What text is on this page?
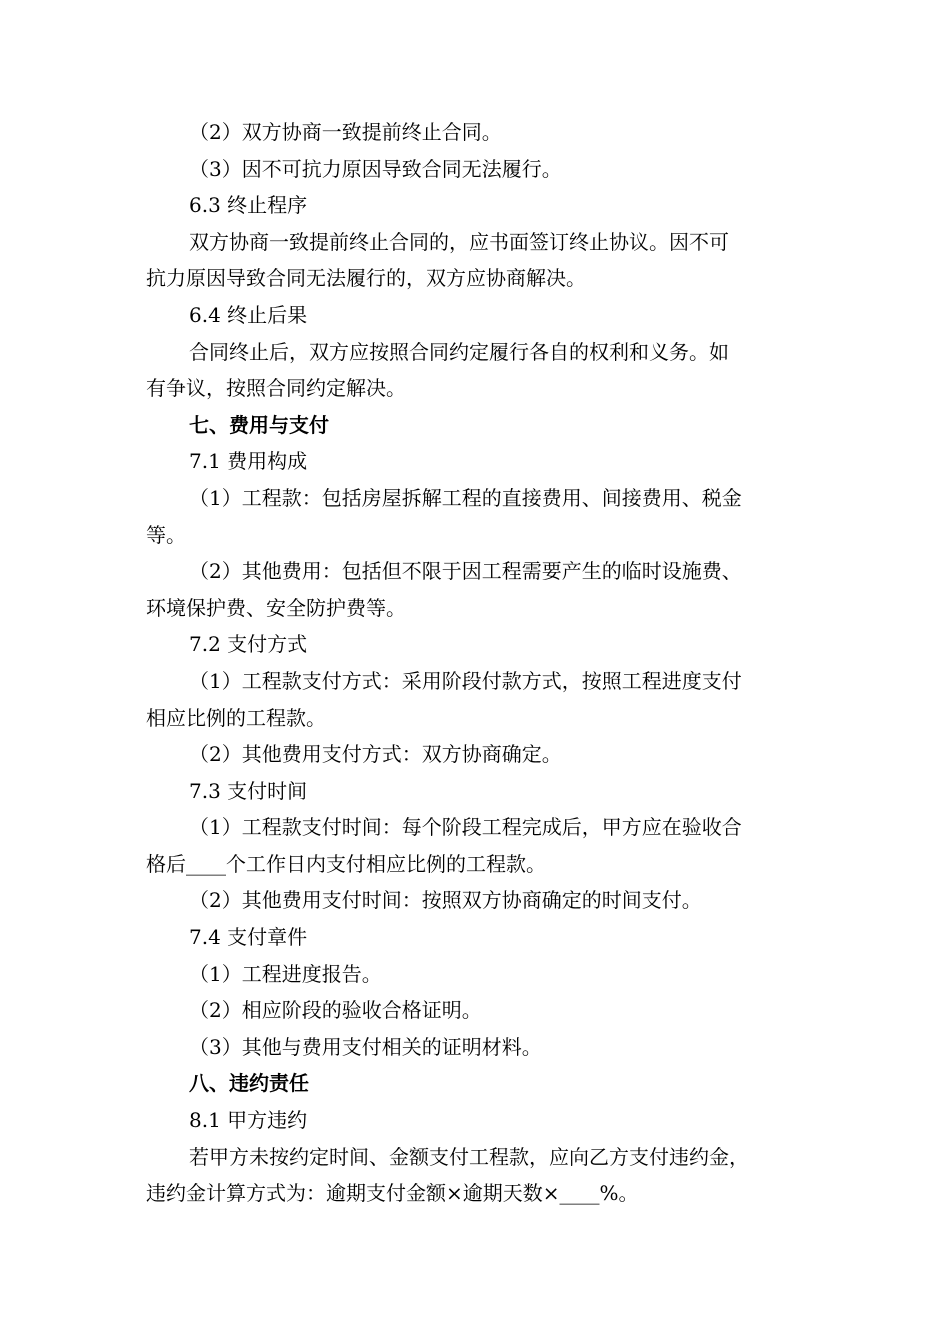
（2）双方协商一致提前终止合同。
（3）因不可抗力原因导致合同无法履行。
6.3 终止程序
双方协商一致提前终止合同的，应书面签订终止协议。因不可
抗力原因导致合同无法履行的，双方应协商解决。
6.4 终止后果
合同终止后，双方应按照合同约定履行各自的权利和义务。如
有争议，按照合同约定解决。
七、费用与支付
7.1 费用构成
（1）工程款：包括房屋拆解工程的直接费用、间接费用、税金
等。
（2）其他费用：包括但不限于因工程需要产生的临时设施费、
环境保护费、安全防护费等。
7.2 支付方式
（1）工程款支付方式：采用阶段付款方式，按照工程进度支付
相应比例的工程款。
（2）其他费用支付方式：双方协商确定。
7.3 支付时间
（1）工程款支付时间：每个阶段工程完成后，甲方应在验收合
格后____个工作日内支付相应比例的工程款。
（2）其他费用支付时间：按照双方协商确定的时间支付。
7.4 支付章件
（1）工程进度报告。
（2）相应阶段的验收合格证明。
（3）其他与费用支付相关的证明材料。
八、违约责任
8.1 甲方违约
若甲方未按约定时间、金额支付工程款，应向乙方支付违约金，
违约金计算方式为：逾期支付金额×逾期天数×____%。
